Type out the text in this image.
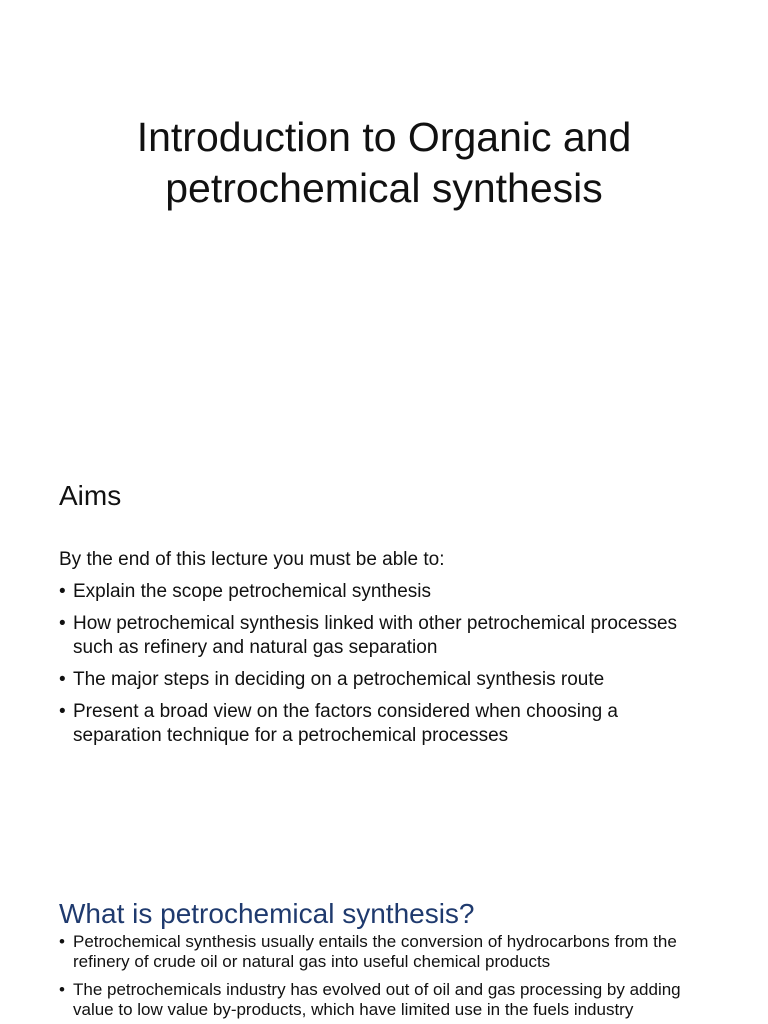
Introduction to Organic and petrochemical synthesis
Aims

By the end of this lecture you must be able to:

• Explain the scope petrochemical synthesis
• How petrochemical synthesis linked with other petrochemical processes such as refinery and natural gas separation
• The major steps in deciding on a petrochemical synthesis route
• Present a broad view on the factors considered when choosing a separation technique for a petrochemical processes
What is petrochemical synthesis?
• Petrochemical synthesis usually entails the conversion of hydrocarbons from the refinery of crude oil or natural gas into useful chemical products
• The petrochemicals industry has evolved out of oil and gas processing by adding value to low value by-products, which have limited use in the fuels industry
